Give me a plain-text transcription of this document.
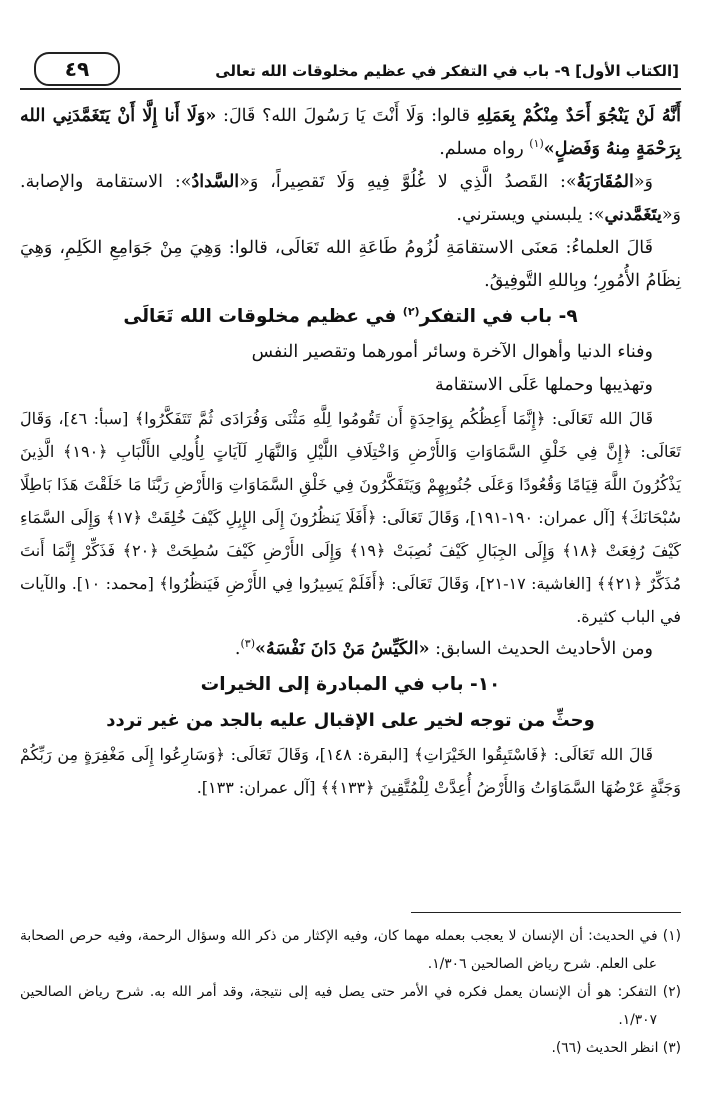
[الكتاب الأول] ٩- باب في التفكر في عظيم مخلوقات الله تعالى
٤٩

أَنَّهُ لَنْ يَنْجُوَ أَحَدٌ مِنْكُمْ بِعَمَلِهِ قالوا: وَلَا أَنْتَ يَا رَسُولَ الله؟ قَالَ: «وَلَا أَنا إِلَّا أَنْ يَتَغَمَّدَنِي الله بِرَحْمَةٍ مِنهُ وَفَضلٍ»$^{(١)}$ رواه مسلم.

وَ«المُقَارَبَةُ»: القَصدُ الَّذِي لا غُلُوَّ فِيهِ وَلَا تَقصِيراً، وَ«السَّدادُ»: الاستقامة والإصابة. وَ«يتَغَمَّدني»: يلبسني ويسترني.

قَالَ العلماءُ: مَعنَى الاستقامَةِ لُزُومُ طَاعَةِ الله تَعَالَى، قالوا: وَهِيَ مِنْ جَوَامِعِ الكَلِمِ، وَهِيَ نِظَامُ الأُمُورِ؛ وبِاللهِ التَّوفِيقُ.

٩- باب في التفكر$^{(٢)}$ في عظيم مخلوقات الله تَعَالَى

وفناء الدنيا وأهوال الآخرة وسائر أمورهما وتقصير النفس

وتهذيبها وحملها عَلَى الاستقامة

قَالَ الله تَعَالَى: ﴿إِنَّمَا أَعِظُكُم بِوَاحِدَةٍ أَن تَقُومُوا لِلَّهِ مَثْنَى وَفُرَادَى ثُمَّ تَتَفَكَّرُوا﴾ [سبأ: ٤٦]، وَقَالَ تَعَالَى: ﴿إِنَّ فِي خَلْقِ السَّمَاوَاتِ وَالأَرْضِ وَاخْتِلَافِ اللَّيْلِ وَالنَّهَارِ لَآيَاتٍ لِأُولِي الأَلْبَابِ ﴿١٩٠﴾ الَّذِينَ يَذْكُرُونَ اللَّهَ قِيَامًا وَقُعُودًا وَعَلَى جُنُوبِهِمْ وَيَتَفَكَّرُونَ فِي خَلْقِ السَّمَاوَاتِ وَالأَرْضِ رَبَّنَا مَا خَلَقْتَ هَذَا بَاطِلًا سُبْحَانَكَ﴾ [آل عمران: ١٩٠-١٩١]، وَقَالَ تَعَالَى: ﴿أَفَلَا يَنظُرُونَ إِلَى الإِبِلِ كَيْفَ خُلِقَتْ ﴿١٧﴾ وَإِلَى السَّمَاءِ كَيْفَ رُفِعَتْ ﴿١٨﴾ وَإِلَى الجِبَالِ كَيْفَ نُصِبَتْ ﴿١٩﴾ وَإِلَى الأَرْضِ كَيْفَ سُطِحَتْ ﴿٢٠﴾ فَذَكِّرْ إِنَّمَا أَنتَ مُذَكِّرٌ ﴿٢١﴾﴾ [الغاشية: ١٧-٢١]، وَقَالَ تَعَالَى: ﴿أَفَلَمْ يَسِيرُوا فِي الأَرْضِ فَيَنظُرُوا﴾ [محمد: ١٠]. والآيات في الباب كثيرة.

ومن الأحاديث الحديث السابق: «الكَيِّسُ مَنْ دَانَ نَفْسَهُ»$^{(٣)}$.

١٠- باب في المبادرة إلى الخيرات
وحثِّ من توجه لخير على الإقبال عليه بالجد من غير تردد

قَالَ الله تَعَالَى: ﴿فَاسْتَبِقُوا الخَيْرَاتِ﴾ [البقرة: ١٤٨]، وَقَالَ تَعَالَى: ﴿وَسَارِعُوا إِلَى مَغْفِرَةٍ مِن رَبِّكُمْ وَجَنَّةٍ عَرْضُهَا السَّمَاوَاتُ وَالأَرْضُ أُعِدَّتْ لِلْمُتَّقِينَ ﴿١٣٣﴾﴾ [آل عمران: ١٣٣].

(١) في الحديث: أن الإنسان لا يعجب بعمله مهما كان، وفيه الإكثار من ذكر الله وسؤال الرحمة، وفيه حرص الصحابة على العلم. شرح رياض الصالحين ١/٣٠٦.

(٢) التفكر: هو أن الإنسان يعمل فكره في الأمر حتى يصل فيه إلى نتيجة، وقد أمر الله به. شرح رياض الصالحين ١/٣٠٧.

(٣) انظر الحديث (٦٦).
